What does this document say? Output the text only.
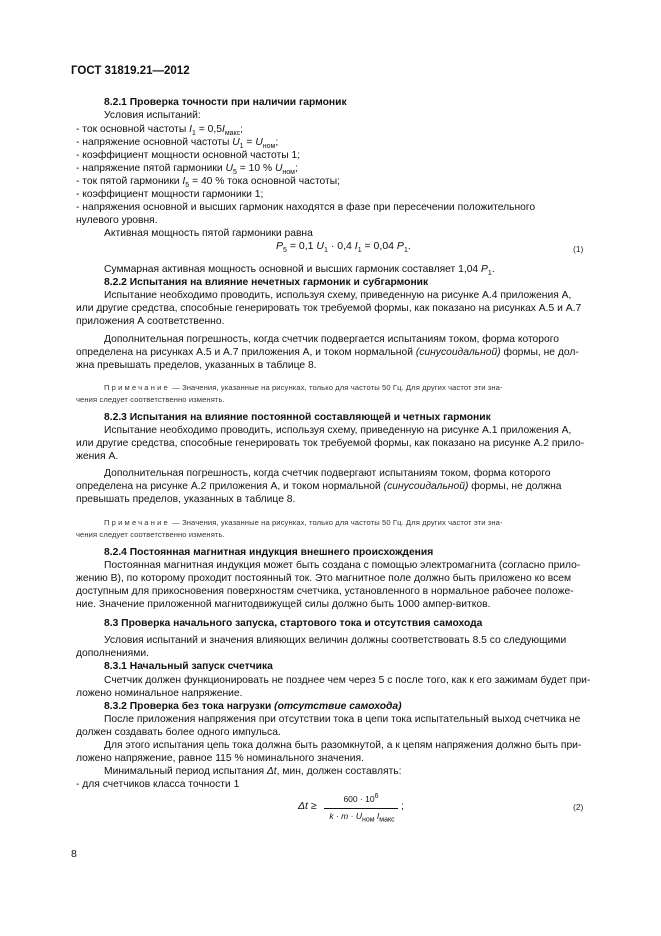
ГОСТ 31819.21—2012
8.2.1 Проверка точности при наличии гармоник
Условия испытаний:
- ток основной частоты $I_1 = 0,5I_{макс}$;
- напряжение основной частоты $U_1 = U_{ном}$;
- коэффициент мощности основной частоты 1;
- напряжение пятой гармоники $U_5 = 10$ % $U_{ном}$;
- ток пятой гармоники $I_5 = 40$ % тока основной частоты;
- коэффициент мощности гармоники 1;
- напряжения основной и высших гармоник находятся в фазе при пересечении положительного
нулевого уровня.
Активная мощность пятой гармоники равна
$P_5 = 0,1$ $U_1 \cdot 0,4$ $I_1 = 0,04$ $P_1$.	(1)
Суммарная активная мощность основной и высших гармоник составляет 1,04 $P_1$.
8.2.2 Испытания на влияние нечетных гармоник и субгармоник
Испытание необходимо проводить, используя схему, приведенную на рисунке А.4 приложения А,
или другие средства, способные генерировать ток требуемой формы, как показано на рисунках А.5 и А.7
приложения А соответственно.
Дополнительная погрешность, когда счетчик подвергается испытаниям током, форма которого
определена на рисунках А.5 и А.7 приложения А, и током нормальной (синусоидальной) формы, не дол-
жна превышать пределов, указанных в таблице 8.
Примечание — Значения, указанные на рисунках, только для частоты 50 Гц. Для других частот эти зна-
чения следует соответственно изменять.
8.2.3 Испытания на влияние постоянной составляющей и четных гармоник
Испытание необходимо проводить, используя схему, приведенную на рисунке А.1 приложения А,
или другие средства, способные генерировать ток требуемой формы, как показано на рисунке А.2 прило-
жения А.
Дополнительная погрешность, когда счетчик подвергают испытаниям током, форма которого
определена на рисунке А.2 приложения А, и током нормальной (синусоидальной) формы, не должна
превышать пределов, указанных в таблице 8.
Примечание — Значения, указанные на рисунках, только для частоты 50 Гц. Для других частот эти зна-
чения следует соответственно изменять.
8.2.4 Постоянная магнитная индукция внешнего происхождения
Постоянная магнитная индукция может быть создана с помощью электромагнита (согласно прило-
жению В), по которому проходит постоянный ток. Это магнитное поле должно быть приложено ко всем
доступным для прикосновения поверхностям счетчика, установленного в нормальное рабочее положе-
ние. Значение приложенной магнитодвижущей силы должно быть 1000 ампер-витков.
8.3 Проверка начального запуска, стартового тока и отсутствия самохода
Условия испытаний и значения влияющих величин должны соответствовать 8.5 со следующими
дополнениями.
8.3.1 Начальный запуск счетчика
Счетчик должен функционировать не позднее чем через 5 с после того, как к его зажимам будет при-
ложено номинальное напряжение.
8.3.2 Проверка без тока нагрузки (отсутствие самохода)
После приложения напряжения при отсутствии тока в цепи тока испытательный выход счетчика не
должен создавать более одного импульса.
Для этого испытания цепь тока должна быть разомкнутой, а к цепям напряжения должно быть при-
ложено напряжение, равное 115 % номинального значения.
Минимальный период испытания Δt, мин, должен составлять:
- для счетчиков класса точности 1
Δt ≥
$600 \cdot 10^6$
$k \cdot m \cdot U_{ном}$ $I_{макс}$
;	(2)
8
